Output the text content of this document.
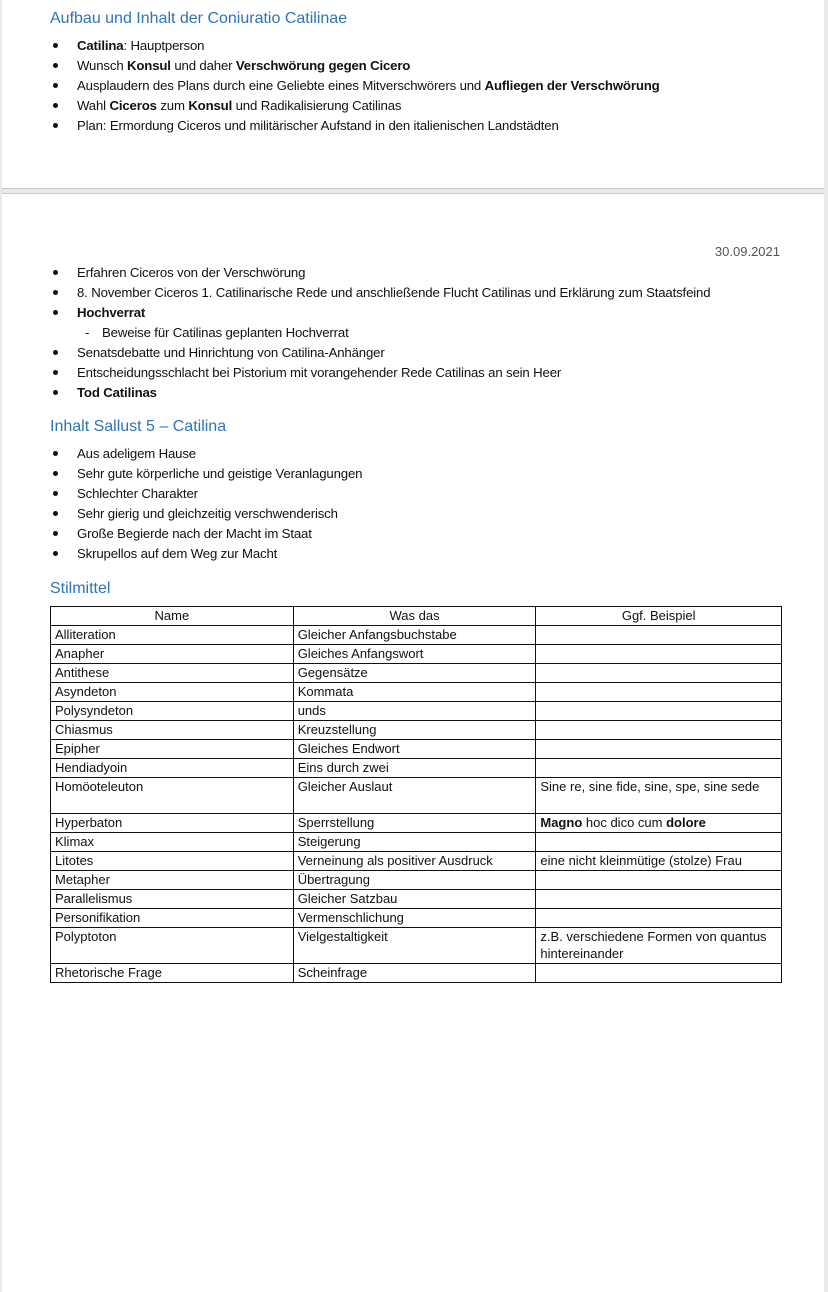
Aufbau und Inhalt der Coniuratio Catilinae
Catilina: Hauptperson
Wunsch Konsul und daher Verschwörung gegen Cicero
Ausplaudern des Plans durch eine Geliebte eines Mitverschwörers und Aufliegen der Verschwörung
Wahl Ciceros zum Konsul und Radikalisierung Catilinas
Plan: Ermordung Ciceros und militärischer Aufstand in den italienischen Landstädten
30.09.2021
Erfahren Ciceros von der Verschwörung
8. November Ciceros 1. Catilinarische Rede und anschließende Flucht Catilinas und Erklärung zum Staatsfeind
Hochverrat
- Beweise für Catilinas geplanten Hochverrat
Senatsdebatte und Hinrichtung von Catilina-Anhänger
Entscheidungsschlacht bei Pistorium mit vorangehender Rede Catilinas an sein Heer
Tod Catilinas
Inhalt Sallust 5 – Catilina
Aus adeligem Hause
Sehr gute körperliche und geistige Veranlagungen
Schlechter Charakter
Sehr gierig und gleichzeitig verschwenderisch
Große Begierde nach der Macht im Staat
Skrupellos auf dem Weg zur Macht
Stilmittel
Name	Was das	Ggf. Beispiel
Alliteration	Gleicher Anfangsbuchstabe	
Anapher	Gleiches Anfangswort	
Antithese	Gegensätze	
Asyndeton	Kommata	
Polysyndeton	unds	
Chiasmus	Kreuzstellung	
Epipher	Gleiches Endwort	
Hendiadyoin	Eins durch zwei	
Homöoteleuton	Gleicher Auslaut	Sine re, sine fide, sine, spe, sine sede
Hyperbaton	Sperrstellung	Magno hoc dico cum dolore
Klimax	Steigerung	
Litotes	Verneinung als positiver Ausdruck	eine nicht kleinmütige (stolze) Frau
Metapher	Übertragung	
Parallelismus	Gleicher Satzbau	
Personifikation	Vermenschlichung	
Polyptoton	Vielgestaltigkeit	z.B. verschiedene Formen von quantus hintereinander
Rhetorische Frage	Scheinfrage	
